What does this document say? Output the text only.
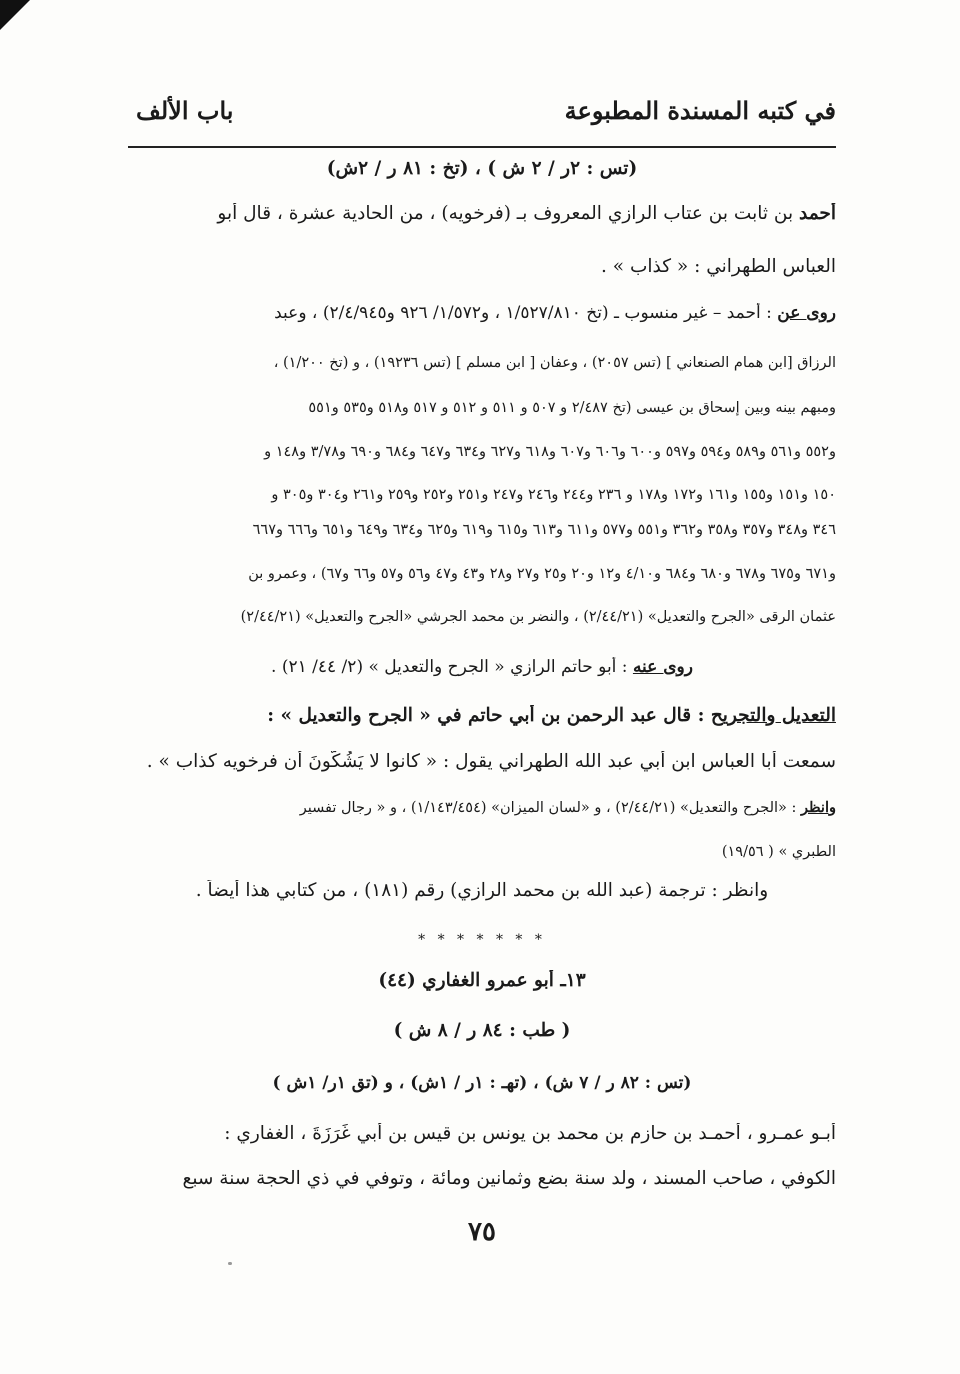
في كتبه المسندة المطبوعة
باب الألف
(تس : ٢ر / ٢ ش ) ، (تخ : ٨١ ر / ٢ش)
أحمد بن ثابت بن عتاب الرازي المعروف بـ (فرخويه) ، من الحادية عشرة ، قال أبو
العباس الطهراني : « كذاب » .
روى عن : أحمد – غير منسوب ـ (تخ ١/٥٢٧/٨١٠ ، و١/٥٧٢/ ٩٢٦ و٢/٤/٩٤٥) ، وعبد
الرزاق [ابن همام الصنعاني ] (تس ٢٠٥٧) ، وعفان [ ابن مسلم ] (تس ١٩٢٣٦) ، و (تخ ١/٢٠٠) ،
ومبهم بينه وبين إسحاق بن عيسى (تخ ٢/٤٨٧ و ٥٠٧ و ٥١١ و ٥١٢ و ٥١٧ و٥١٨ و٥٣٥ و٥٥١
و٥٥٢ و٥٦١ و٥٨٩ و٥٩٤ و٥٩٧ و٦٠٠ و٦٠٦ و٦٠٧ و٦١٨ و٦٢٧ و٦٣٤ و٦٤٧ و٦٨٤ و٦٩٠ و٣/٧٨ و١٤٨ و
١٥٠ و١٥١ و١٥٥ و١٦١ و١٧٢ و١٧٨ و ٢٣٦ و٢٤٤ و٢٤٦ و٢٤٧ و٢٥١ و٢٥٢ و٢٥٩ و٢٦١ و٣٠٤ و٣٠٥ و
٣٤٦ و٣٤٨ و٣٥٧ و٣٥٨ و٣٦٢ و٥٥١ و٥٧٧ و٦١١ و٦١٣ و٦١٥ و٦١٩ و٦٢٥ و٦٣٤ و٦٤٩ و٦٥١ و٦٦٦ و٦٦٧
و٦٧١ و٦٧٥ و٦٧٨ و٦٨٠ و٦٨٤ و٤/١٠ و١٢ و٢٠ و٢٥ و٢٧ و٢٨ و٤٣ و٤٧ و٥٦ و٥٧ و٦٦ و٦٧) ، وعمرو بن
عثمان الرقى «الجرح والتعديل» (٢/٤٤/٢١) ، والنضر بن محمد الجرشي «الجرح والتعديل» (٢/٤٤/٢١)
روى عنه : أبو حاتم الرازي « الجرح والتعديل » (٢/ ٤٤/ ٢١) .
التعديل والتجريح : قال عبد الرحمن بن أبي حاتم في « الجرح والتعديل » :
سمعت أبا العباس ابن أبي عبد الله الطهراني يقول : « كانوا لا يَشُكُّونَ أن فرخويه كذاب » .
وانظر : «الجرح والتعديل» (٢/٤٤/٢١) ، و «لسان الميزان» (١/١٤٣/٤٥٤) ، و « رجال تفسير
الطبري » ( ١٩/٥٦)
وانظر : ترجمة (عبد الله بن محمد الرازي) رقم (١٨١) ، من كتابي هذا أيضاً .
* * * * * * *
١٣ـ أبو عمرو الغفاري (٤٤)
( طب : ٨٤ ر / ٨ ش )
(تس : ٨٢ ر / ٧ ش) ، (تهـ : ١ر / ١ش) ، و (تق ١ر/ ١ش )
أبـو عمـرو ، أحمـد بن حازم بن محمد بن يونس بن قيس بن أبي غَرَزَةَ ، الغفاري :
الكوفي ، صاحب المسند ، ولد سنة بضع وثمانين ومائة ، وتوفي في ذي الحجة سنة سبع
٧٥
